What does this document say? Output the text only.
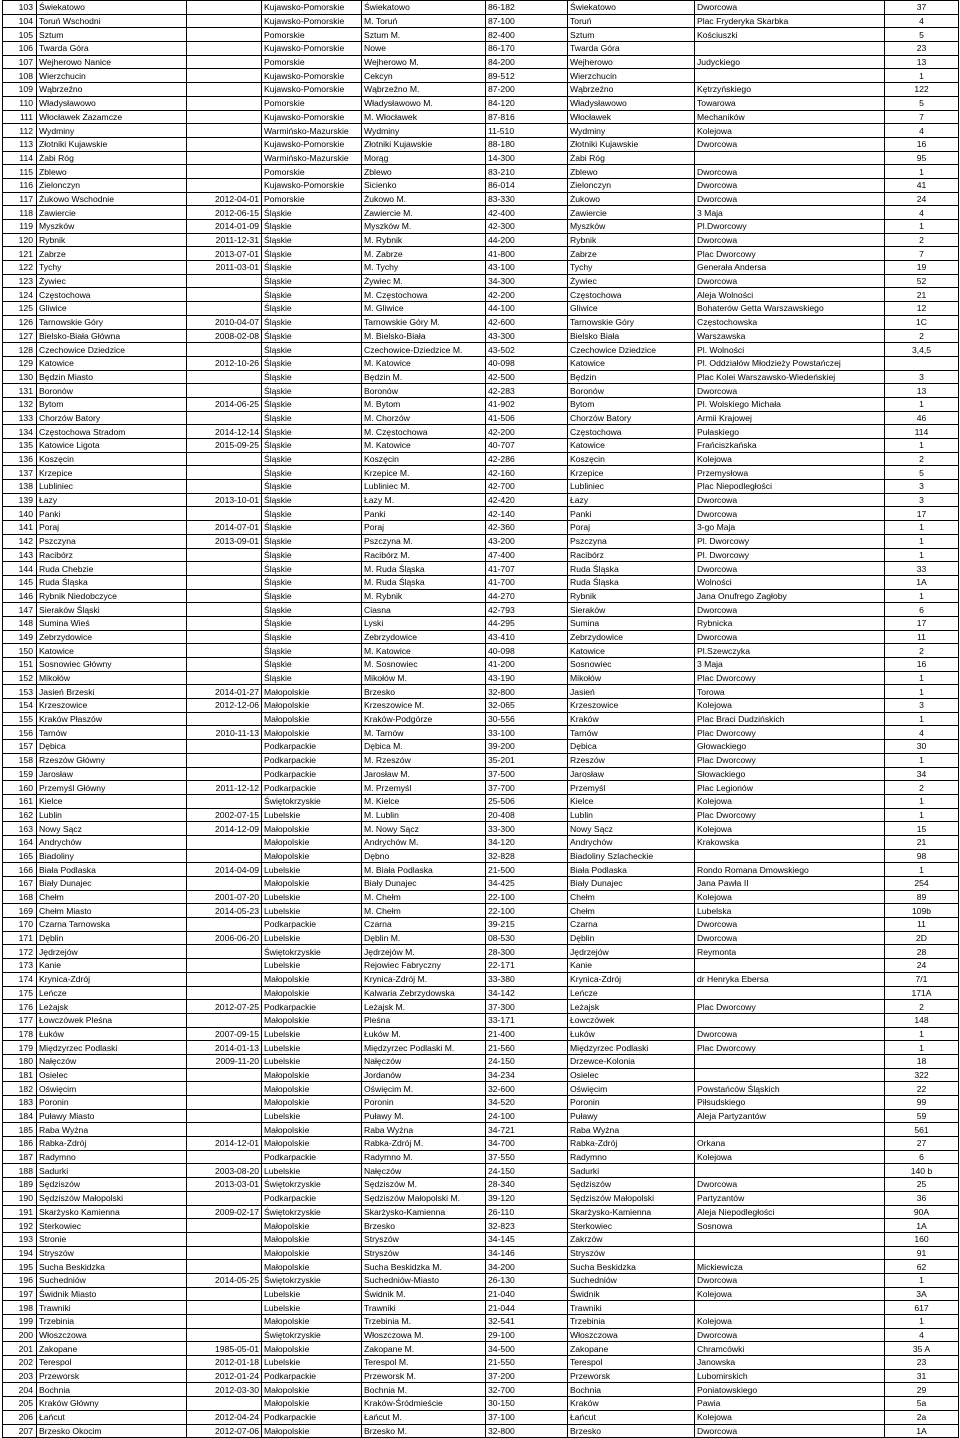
103	Świekatowo		Kujawsko-Pomorskie	Świekatowo	86-182	Świekatowo	Dworcowa	37
104	Toruń Wschodni		Kujawsko-Pomorskie	M. Toruń	87-100	Toruń	Plac Fryderyka Skarbka	4
105	Sztum		Pomorskie	Sztum M.	82-400	Sztum	Kościuszki	5
106	Twarda Góra		Kujawsko-Pomorskie	Nowe	86-170	Twarda Góra		23
107	Wejherowo Nanice		Pomorskie	Wejherowo M.	84-200	Wejherowo	Judyckiego	13
108	Wierzchucin		Kujawsko-Pomorskie	Cekcyn	89-512	Wierzchucin		1
109	Wąbrzeźno		Kujawsko-Pomorskie	Wąbrzeźno M.	87-200	Wąbrzeźno	Kętrzyńskiego	122
110	Władysławowo		Pomorskie	Władysławowo M.	84-120	Władysławowo	Towarowa	5
111	Włocławek Zazamcze		Kujawsko-Pomorskie	M. Włocławek	87-816	Włocławek	Mechaników	7
112	Wydminy		Warmińsko-Mazurskie	Wydminy	11-510	Wydminy	Kolejowa	4
113	Złotniki Kujawskie		Kujawsko-Pomorskie	Złotniki Kujawskie	88-180	Złotniki Kujawskie	Dworcowa	16
114	Żabi Róg		Warmińsko-Mazurskie	Morąg	14-300	Żabi Róg		95
115	Zblewo		Pomorskie	Zblewo	83-210	Zblewo	Dworcowa	1
116	Zielonczyn		Kujawsko-Pomorskie	Sicienko	86-014	Zielonczyn	Dworcowa	41
117	Żukowo Wschodnie	2012-04-01	Pomorskie	Żukowo M.	83-330	Żukowo	Dworcowa	24
118	Zawiercie	2012-06-15	Śląskie	Zawiercie M.	42-400	Zawiercie	3 Maja	4
119	Myszków	2014-01-09	Śląskie	Myszków M.	42-300	Myszków	Pl.Dworcowy	1
120	Rybnik	2011-12-31	Śląskie	M. Rybnik	44-200	Rybnik	Dworcowa	2
121	Zabrze	2013-07-01	Śląskie	M. Zabrze	41-800	Zabrze	Plac Dworcowy	7
122	Tychy	2011-03-01	Śląskie	M. Tychy	43-100	Tychy	Generała Andersa	19
123	Żywiec		Śląskie	Żywiec M.	34-300	Żywiec	Dworcowa	52
124	Częstochowa		Śląskie	M. Częstochowa	42-200	Częstochowa	Aleja Wolności	21
125	Gliwice		Śląskie	M. Gliwice	44-100	Gliwice	Bohaterów Getta Warszawskiego	12
126	Tarnowskie Góry	2010-04-07	Śląskie	Tarnowskie Góry M.	42-600	Tarnowskie Góry	Częstochowska	1C
127	Bielsko-Biała Główna	2008-02-08	Śląskie	M. Bielsko-Biała	43-300	Bielsko Biała	Warszawska	2
128	Czechowice Dziedzice		Śląskie	Czechowice-Dziedzice M.	43-502	Czechowice Dziedzice	Pl. Wolności	3,4,5
129	Katowice	2012-10-26	Śląskie	M. Katowice	40-098	Katowice	Pl. Oddziałów Młodzieży Powstańczej	
130	Będzin Miasto		Śląskie	Będzin M.	42-500	Będzin	Plac Kolei Warszawsko-Wiedeńskiej	3
131	Boronów		Śląskie	Boronów	42-283	Boronów	Dworcowa	13
132	Bytom	2014-06-25	Śląskie	M. Bytom	41-902	Bytom	Pl. Wolskiego Michała	1
133	Chorzów Batory		Śląskie	M. Chorzów	41-506	Chorzów Batory	Armii Krajowej	46
134	Częstochowa Stradom	2014-12-14	Śląskie	M. Częstochowa	42-200	Częstochowa	Pułaskiego	114
135	Katowice Ligota	2015-09-25	Śląskie	M. Katowice	40-707	Katowice	Frańciszkańska	1
136	Koszęcin		Śląskie	Koszęcin	42-286	Koszęcin	Kolejowa	2
137	Krzepice		Śląskie	Krzepice M.	42-160	Krzepice	Przemysłowa	5
138	Lubliniec		Śląskie	Lubliniec M.	42-700	Lubliniec	Plac Niepodległości	3
139	Łazy	2013-10-01	Śląskie	Łazy M.	42-420	Łazy	Dworcowa	3
140	Panki		Śląskie	Panki	42-140	Panki	Dworcowa	17
141	Poraj	2014-07-01	Śląskie	Poraj	42-360	Poraj	3-go Maja	1
142	Pszczyna	2013-09-01	Śląskie	Pszczyna M.	43-200	Pszczyna	Pl. Dworcowy	1
143	Racibórz		Śląskie	Racibórz M.	47-400	Racibórz	Pl. Dworcowy	1
144	Ruda Chebzie		Śląskie	M. Ruda Śląska	41-707	Ruda Śląska	Dworcowa	33
145	Ruda Śląska		Śląskie	M. Ruda Śląska	41-700	Ruda Śląska	Wolności	1A
146	Rybnik Niedobczyce		Śląskie	M. Rybnik	44-270	Rybnik	Jana Onufrego Zagłoby	1
147	Sieraków Śląski		Śląskie	Ciasna	42-793	Sieraków	Dworcowa	6
148	Sumina Wieś		Śląskie	Lyski	44-295	Sumina	Rybnicka	17
149	Zebrzydowice		Śląskie	Zebrzydowice	43-410	Zebrzydowice	Dworcowa	11
150	Katowice		Śląskie	M. Katowice	40-098	Katowice	Pl.Szewczyka	2
151	Sosnowiec Główny		Śląskie	M. Sosnowiec	41-200	Sosnowiec	3 Maja	16
152	Mikołów		Śląskie	Mikołów M.	43-190	Mikołów	Plac Dworcowy	1
153	Jasień Brzeski	2014-01-27	Małopolskie	Brzesko	32-800	Jasień	Torowa	1
154	Krzeszowice	2012-12-06	Małopolskie	Krzeszowice M.	32-065	Krzeszowice	Kolejowa	3
155	Kraków Płaszów		Małopolskie	Kraków-Podgórze	30-556	Kraków	Plac Braci Dudzińskich	1
156	Tarnów	2010-11-13	Małopolskie	M. Tarnów	33-100	Tarnów	Plac Dworcowy	4
157	Dębica		Podkarpackie	Dębica M.	39-200	Dębica	Głowackiego	30
158	Rzeszów Główny		Podkarpackie	M. Rzeszów	35-201	Rzeszów	Plac Dworcowy	1
159	Jarosław		Podkarpackie	Jarosław M.	37-500	Jarosław	Słowackiego	34
160	Przemyśl Główny	2011-12-12	Podkarpackie	M. Przemyśl	37-700	Przemyśl	Plac Legionów	2
161	Kielce		Świętokrzyskie	M. Kielce	25-506	Kielce	Kolejowa	1
162	Lublin	2002-07-15	Lubelskie	M. Lublin	20-408	Lublin	Plac Dworcowy	1
163	Nowy Sącz	2014-12-09	Małopolskie	M. Nowy Sącz	33-300	Nowy Sącz	Kolejowa	15
164	Andrychów		Małopolskie	Andrychów M.	34-120	Andrychów	Krakowska	21
165	Biadoliny		Małopolskie	Dębno	32-828	Biadoliny Szlacheckie		98
166	Biała Podlaska	2014-04-09	Lubelskie	M. Biała Podlaska	21-500	Biała Podlaska	Rondo Romana Dmowskiego	1
167	Biały Dunajec		Małopolskie	Biały Dunajec	34-425	Biały Dunajec	Jana Pawła II	254
168	Chełm	2001-07-20	Lubelskie	M. Chełm	22-100	Chełm	Kolejowa	89
169	Chełm Miasto	2014-05-23	Lubelskie	M. Chełm	22-100	Chełm	Lubelska	109b
170	Czarna Tarnowska		Podkarpackie	Czarna	39-215	Czarna	Dworcowa	11
171	Dęblin	2006-06-20	Lubelskie	Dęblin M.	08-530	Dęblin	Dworcowa	2D
172	Jędrzejów		Świętokrzyskie	Jędrzejów M.	28-300	Jędrzejów	Reymonta	28
173	Kanie		Lubelskie	Rejowiec Fabryczny	22-171	Kanie		24
174	Krynica-Zdrój		Małopolskie	Krynica-Zdrój M.	33-380	Krynica-Zdrój	dr Henryka Ebersa	7/1
175	Leńcze		Małopolskie	Kalwaria Zebrzydowska	34-142	Leńcze		171A
176	Leżajsk	2012-07-25	Podkarpackie	Leżajsk M.	37-300	Leżajsk	Plac Dworcowy	2
177	Łowczówek Pleśna		Małopolskie	Pleśna	33-171	Łowczówek		148
178	Łuków	2007-09-15	Lubelskie	Łuków M.	21-400	Łuków	Dworcowa	1
179	Międzyrzec Podlaski	2014-01-13	Lubelskie	Międzyrzec Podlaski M.	21-560	Międzyrzec Podlaski	Plac Dworcowy	1
180	Nałęczów	2009-11-20	Lubelskie	Nałęczów	24-150	Drzewce-Kolonia		18
181	Osielec		Małopolskie	Jordanów	34-234	Osielec		322
182	Oświęcim		Małopolskie	Oświęcim M.	32-600	Oświęcim	Powstańców Śląskich	22
183	Poronin		Małopolskie	Poronin	34-520	Poronin	Piłsudskiego	99
184	Puławy Miasto		Lubelskie	Puławy M.	24-100	Puławy	Aleja Partyzantów	59
185	Raba Wyżna		Małopolskie	Raba Wyżna	34-721	Raba Wyżna		561
186	Rabka-Zdrój	2014-12-01	Małopolskie	Rabka-Zdrój M.	34-700	Rabka-Zdrój	Orkana	27
187	Radymno		Podkarpackie	Radymno M.	37-550	Radymno	Kolejowa	6
188	Sadurki	2003-08-20	Lubelskie	Nałęczów	24-150	Sadurki		140 b
189	Sędziszów	2013-03-01	Świętokrzyskie	Sędziszów M.	28-340	Sędziszów	Dworcowa	25
190	Sędziszów Małopolski		Podkarpackie	Sędziszów Małopolski M.	39-120	Sędziszów Małopolski	Partyzantów	36
191	Skarżysko Kamienna	2009-02-17	Świętokrzyskie	Skarżysko-Kamienna	26-110	Skarżysko-Kamienna	Aleja Niepodległości	90A
192	Sterkowiec		Małopolskie	Brzesko	32-823	Sterkowiec	Sosnowa	1A
193	Stronie		Małopolskie	Stryszów	34-145	Zakrzów		160
194	Stryszów		Małopolskie	Stryszów	34-146	Stryszów		91
195	Sucha Beskidzka		Małopolskie	Sucha Beskidzka M.	34-200	Sucha Beskidzka	Mickiewicza	62
196	Suchedniów	2014-05-25	Świętokrzyskie	Suchedniów-Miasto	26-130	Suchedniów	Dworcowa	1
197	Świdnik Miasto		Lubelskie	Świdnik M.	21-040	Świdnik	Kolejowa	3A
198	Trawniki		Lubelskie	Trawniki	21-044	Trawniki		617
199	Trzebinia		Małopolskie	Trzebinia M.	32-541	Trzebinia	Kolejowa	1
200	Włoszczowa		Świętokrzyskie	Włoszczowa M.	29-100	Włoszczowa	Dworcowa	4
201	Zakopane	1985-05-01	Małopolskie	Zakopane M.	34-500	Zakopane	Chramcówki	35 A
202	Terespol	2012-01-18	Lubelskie	Terespol M.	21-550	Terespol	Janowska	23
203	Przeworsk	2012-01-24	Podkarpackie	Przeworsk M.	37-200	Przeworsk	Lubomirskich	31
204	Bochnia	2012-03-30	Małopolskie	Bochnia M.	32-700	Bochnia	Poniatowskiego	29
205	Kraków Główny		Małopolskie	Kraków-Śródmieście	30-150	Kraków	Pawia	5a
206	Łańcut	2012-04-24	Podkarpackie	Łańcut M.	37-100	Łańcut	Kolejowa	2a
207	Brzesko Okocim	2012-07-06	Małopolskie	Brzesko M.	32-800	Brzesko	Dworcowa	1A
